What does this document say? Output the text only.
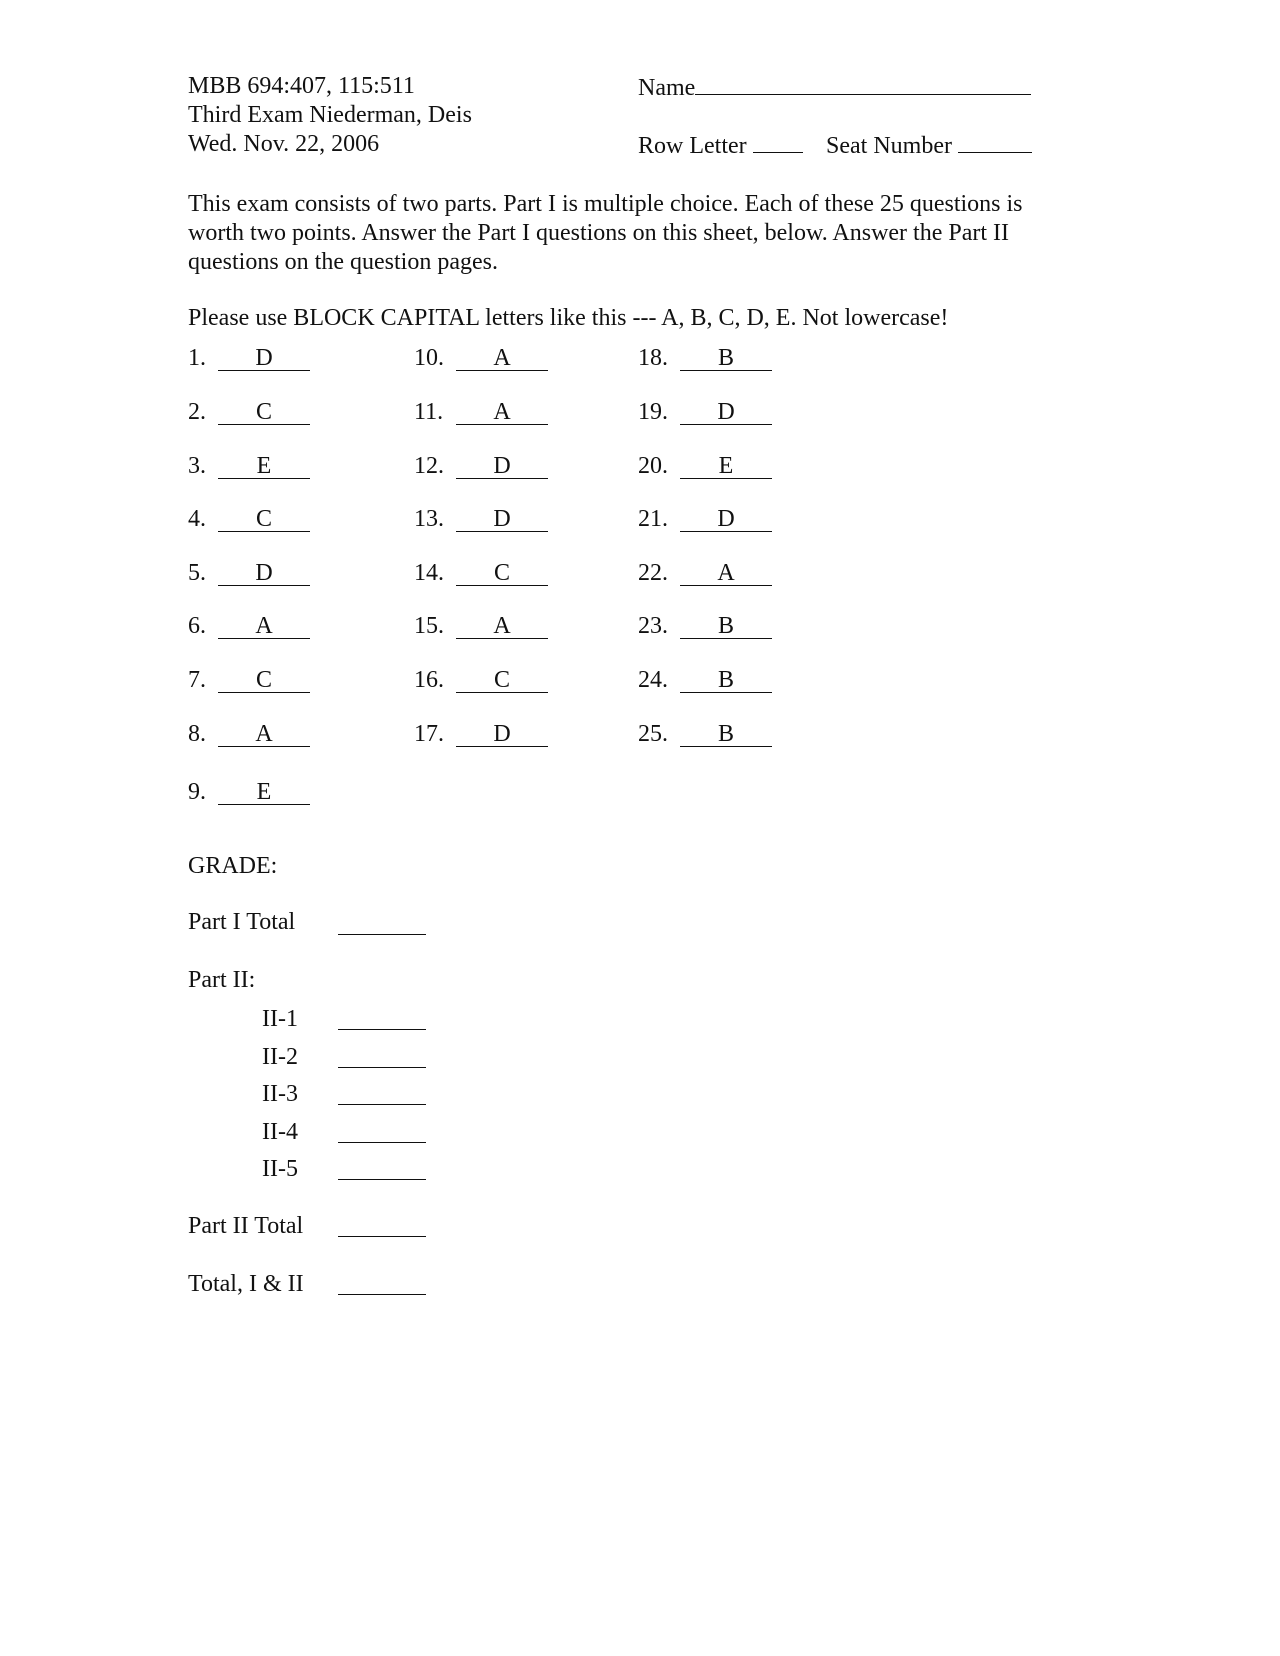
MBB 694:407, 115:511
Third Exam Niederman, Deis
Wed. Nov. 22, 2006
Name
Row Letter	Seat Number
This exam consists of two parts. Part I is multiple choice. Each of these 25 questions is
worth two points. Answer the Part I questions on this sheet, below. Answer the Part II
questions on the question pages.
Please use BLOCK CAPITAL letters like this --- A, B, C, D, E. Not lowercase!
1.	D
2.	C
3.	E
4.	C
5.	D
6.	A
7.	C
8.	A
9.	E
10.	A
11.	A
12.	D
13.	D
14.	C
15.	A
16.	C
17.	D
18.	B
19.	D
20.	E
21.	D
22.	A
23.	B
24.	B
25.	B
GRADE:
Part I Total
Part II:
II-1
II-2
II-3
II-4
II-5
Part II Total
Total, I & II
